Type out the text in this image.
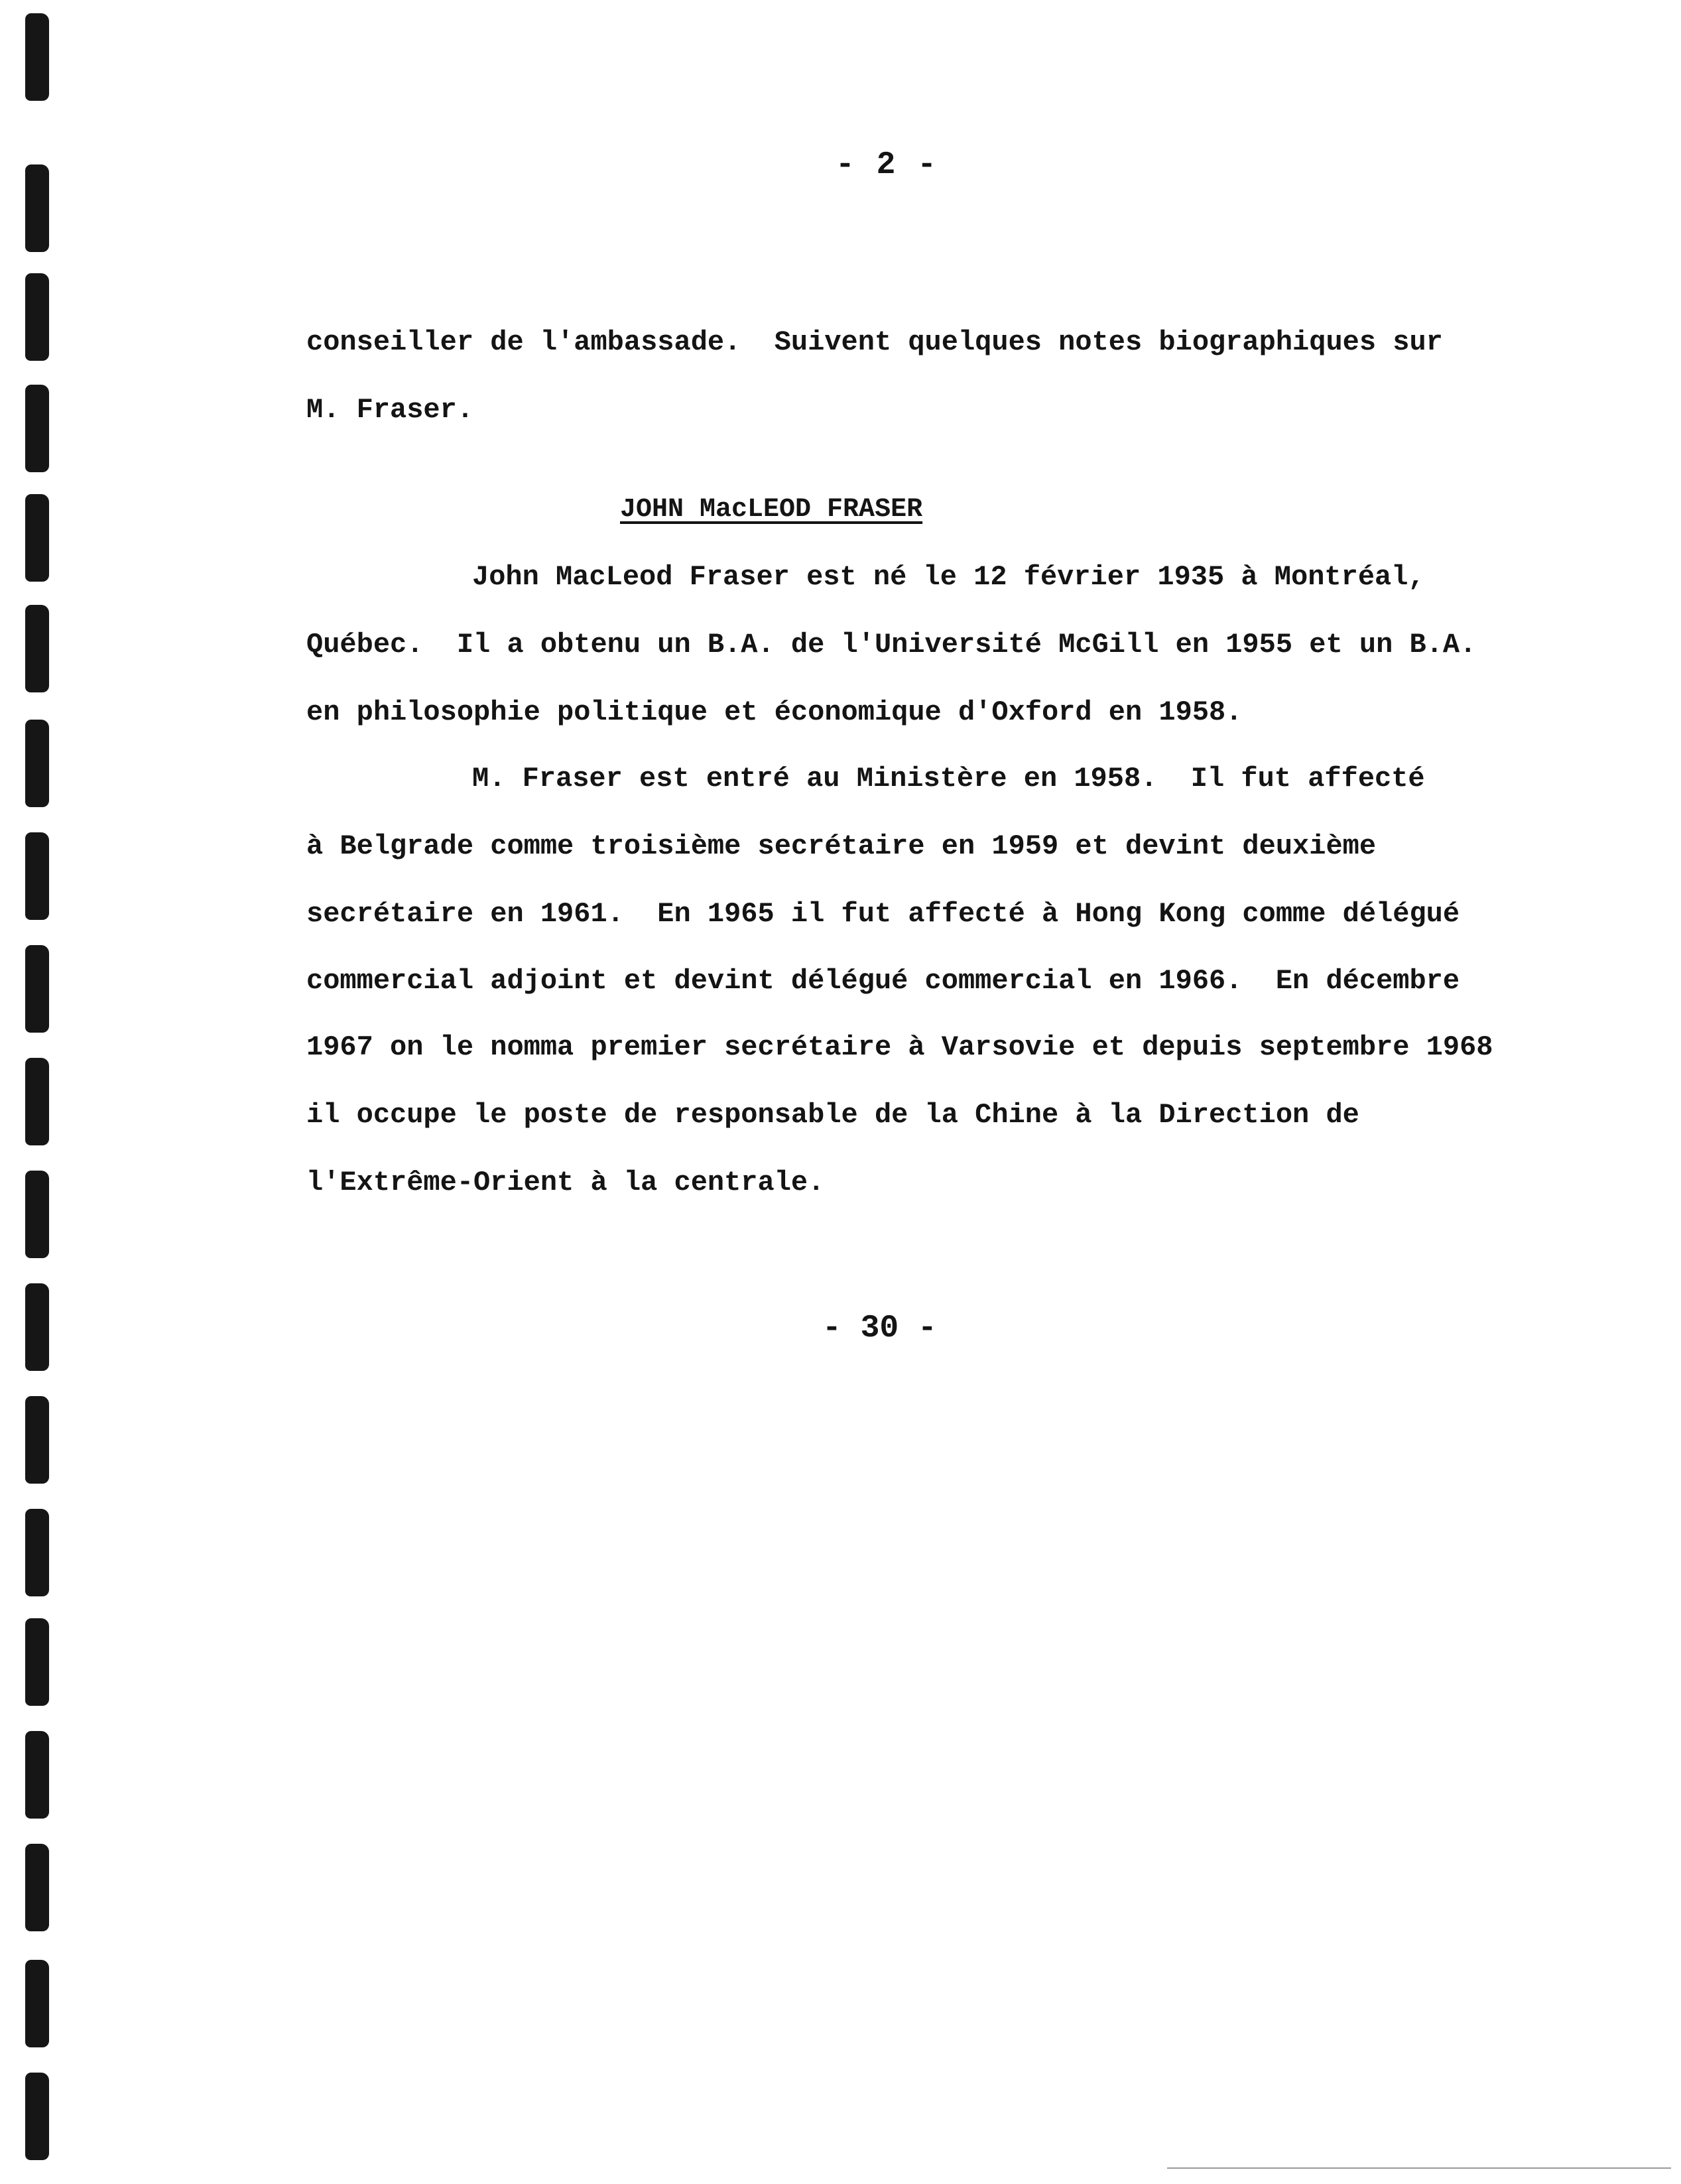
- 2 -
conseiller de l'ambassade.  Suivent quelques notes biographiques sur
M. Fraser.
JOHN MacLEOD FRASER
John MacLeod Fraser est né le 12 février 1935 à Montréal,
Québec.  Il a obtenu un B.A. de l'Université McGill en 1955 et un B.A.
en philosophie politique et économique d'Oxford en 1958.
M. Fraser est entré au Ministère en 1958.  Il fut affecté
à Belgrade comme troisième secrétaire en 1959 et devint deuxième
secrétaire en 1961.  En 1965 il fut affecté à Hong Kong comme délégué
commercial adjoint et devint délégué commercial en 1966.  En décembre
1967 on le nomma premier secrétaire à Varsovie et depuis septembre 1968
il occupe le poste de responsable de la Chine à la Direction de
l'Extrême-Orient à la centrale.
- 30 -
